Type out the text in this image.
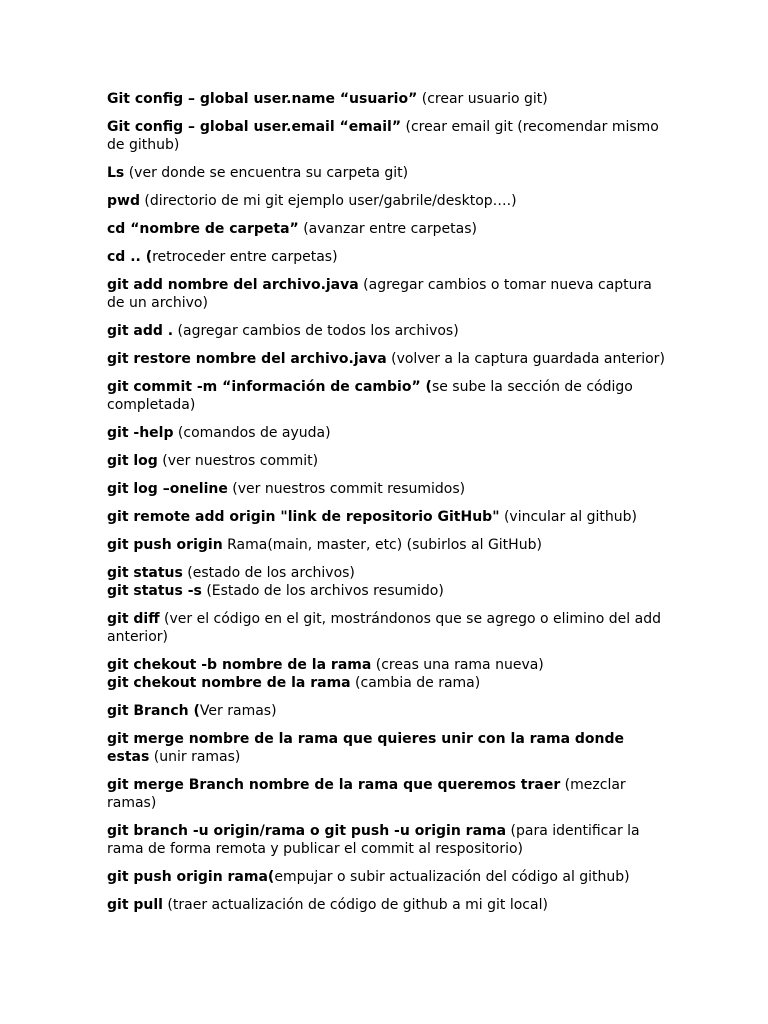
Git config – global user.name “usuario” (crear usuario git)

Git config – global user.email “email” (crear email git (recomendar mismo de github)

Ls (ver donde se encuentra su carpeta git)

pwd (directorio de mi git ejemplo user/gabrile/desktop….)

cd “nombre de carpeta” (avanzar entre carpetas)

cd .. (retroceder entre carpetas)

git add nombre del archivo.java (agregar cambios o tomar nueva captura de un archivo)

git add . (agregar cambios de todos los archivos)

git restore nombre del archivo.java (volver a la captura guardada anterior)

git commit -m “información de cambio” (se sube la sección de código completada)

git -help (comandos de ayuda)

git log (ver nuestros commit)

git log –oneline (ver nuestros commit resumidos)

git remote add origin "link de repositorio GitHub" (vincular al github)

git push origin Rama(main, master, etc) (subirlos al GitHub)

git status (estado de los archivos)

git status -s (Estado de los archivos resumido)

git diff (ver el código en el git, mostrándonos que se agrego o elimino del add anterior)

git chekout -b nombre de la rama (creas una rama nueva)

git chekout nombre de la rama (cambia de rama)

git Branch (Ver ramas)

git merge nombre de la rama que quieres unir con la rama donde estas (unir ramas)

git merge Branch nombre de la rama que queremos traer (mezclar ramas)

git branch -u origin/rama o git push -u origin rama (para identificar la rama de forma remota y publicar el commit al respositorio)

git push origin rama(empujar o subir actualización del código al github)

git pull (traer actualización de código de github a mi git local)
